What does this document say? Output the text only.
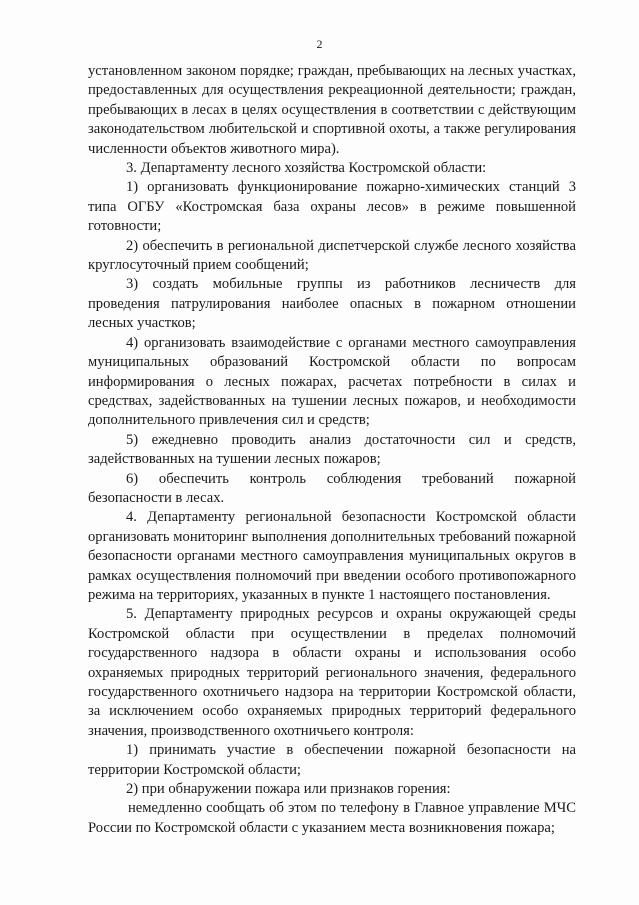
2

установленном законом порядке; граждан, пребывающих на лесных участках, предоставленных для осуществления рекреационной деятельности; граждан, пребывающих в лесах в целях осуществления в соответствии с действующим законодательством любительской и спортивной охоты, а также регулирования численности объектов животного мира).

3. Департаменту лесного хозяйства Костромской области:

1) организовать функционирование пожарно-химических станций 3 типа ОГБУ «Костромская база охраны лесов» в режиме повышенной готовности;

2) обеспечить в региональной диспетчерской службе лесного хозяйства круглосуточный прием сообщений;

3) создать мобильные группы из работников лесничеств для проведения патрулирования наиболее опасных в пожарном отношении лесных участков;

4) организовать взаимодействие с органами местного самоуправления муниципальных образований Костромской области по вопросам информирования о лесных пожарах, расчетах потребности в силах и средствах, задействованных на тушении лесных пожаров, и необходимости дополнительного привлечения сил и средств;

5) ежедневно проводить анализ достаточности сил и средств, задействованных на тушении лесных пожаров;

6) обеспечить контроль соблюдения требований пожарной безопасности в лесах.

4. Департаменту региональной безопасности Костромской области организовать мониторинг выполнения дополнительных требований пожарной безопасности органами местного самоуправления муниципальных округов в рамках осуществления полномочий при введении особого противопожарного режима на территориях, указанных в пункте 1 настоящего постановления.

5. Департаменту природных ресурсов и охраны окружающей среды Костромской области при осуществлении в пределах полномочий государственного надзора в области охраны и использования особо охраняемых природных территорий регионального значения, федерального государственного охотничьего надзора на территории Костромской области, за исключением особо охраняемых природных территорий федерального значения, производственного охотничьего контроля:

1) принимать участие в обеспечении пожарной безопасности на территории Костромской области;

2) при обнаружении пожара или признаков горения:

немедленно сообщать об этом по телефону в Главное управление МЧС России по Костромской области с указанием места возникновения пожара;
